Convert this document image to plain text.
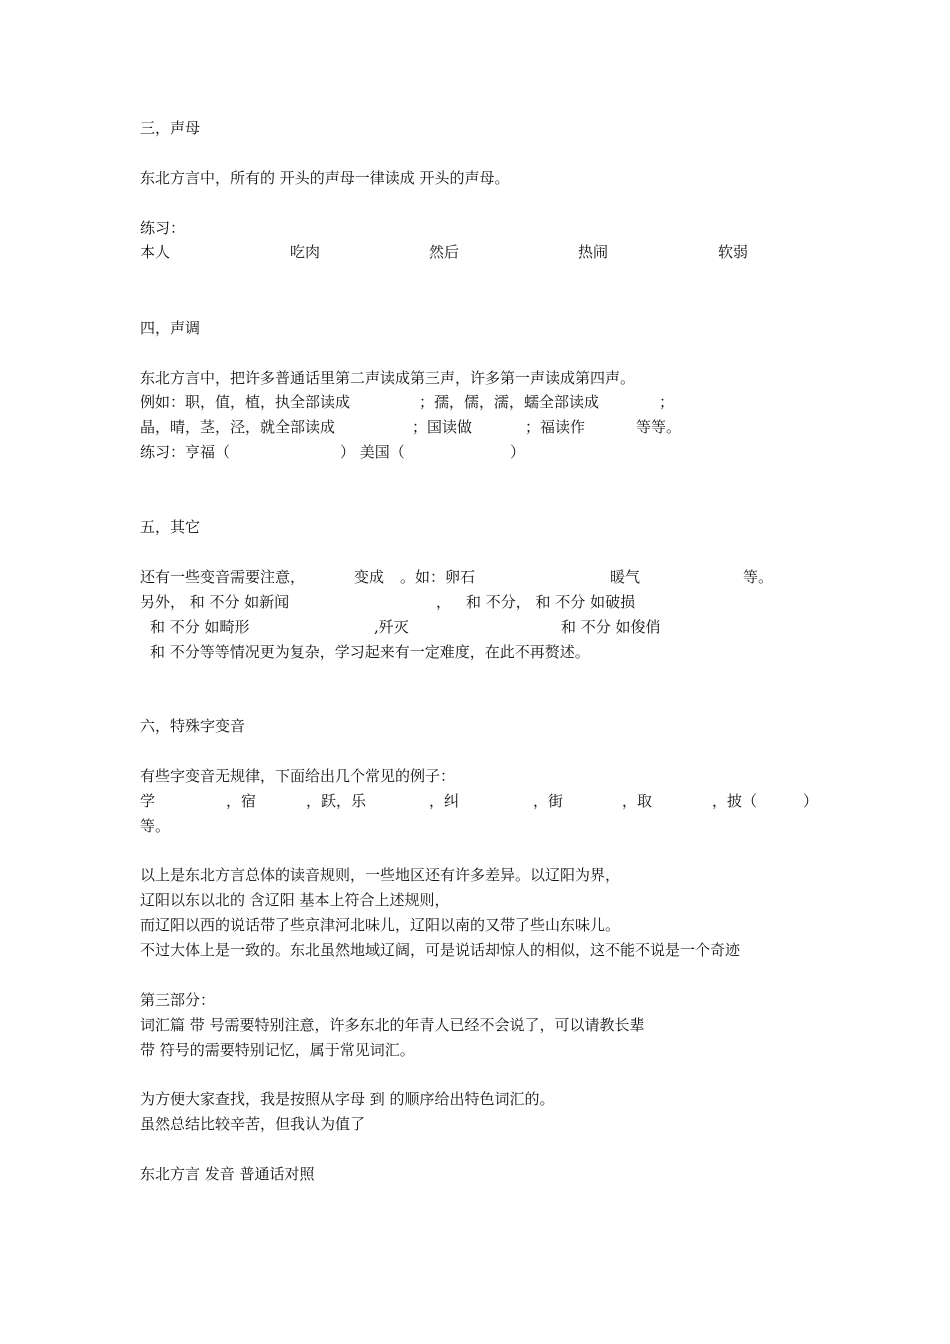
三，声母
东北方言中，所有的 开头的声母一律读成 开头的声母。
练习：
本人	吃肉	然后	热闹	软弱
四，声调
东北方言中，把许多普通话里第二声读成第三声，许多第一声读成第四声。
例如：职，值，植，执全部读成	；孺，儒，濡，蠕全部读成	；
晶，晴，茎，泾，就全部读成	；国读做	；福读作	等等。
练习：亨福（	） 美国（	）
五，其它
还有一些变音需要注意，	变成 。如：卵石	暖气	等。
另外， 和 不分 如新闻	， 和 不分， 和 不分 如破损
和 不分 如畸形	,歼灭	和 不分 如俊俏
和 不分等等情况更为复杂，学习起来有一定难度，在此不再赘述。
六，特殊字变音
有些字变音无规律，下面给出几个常见的例子：
学	，宿	，跃，乐	，纠	，街	，取	，披（	）
等。
以上是东北方言总体的读音规则，一些地区还有许多差异。以辽阳为界，
辽阳以东以北的 含辽阳 基本上符合上述规则，
而辽阳以西的说话带了些京津河北味儿，辽阳以南的又带了些山东味儿。
不过大体上是一致的。东北虽然地域辽阔，可是说话却惊人的相似，这不能不说是一个奇迹
第三部分：
词汇篇 带 号需要特别注意，许多东北的年青人已经不会说了，可以请教长辈
带 符号的需要特别记忆，属于常见词汇。
为方便大家查找，我是按照从字母 到 的顺序给出特色词汇的。
虽然总结比较辛苦，但我认为值了
东北方言 发音 普通话对照
